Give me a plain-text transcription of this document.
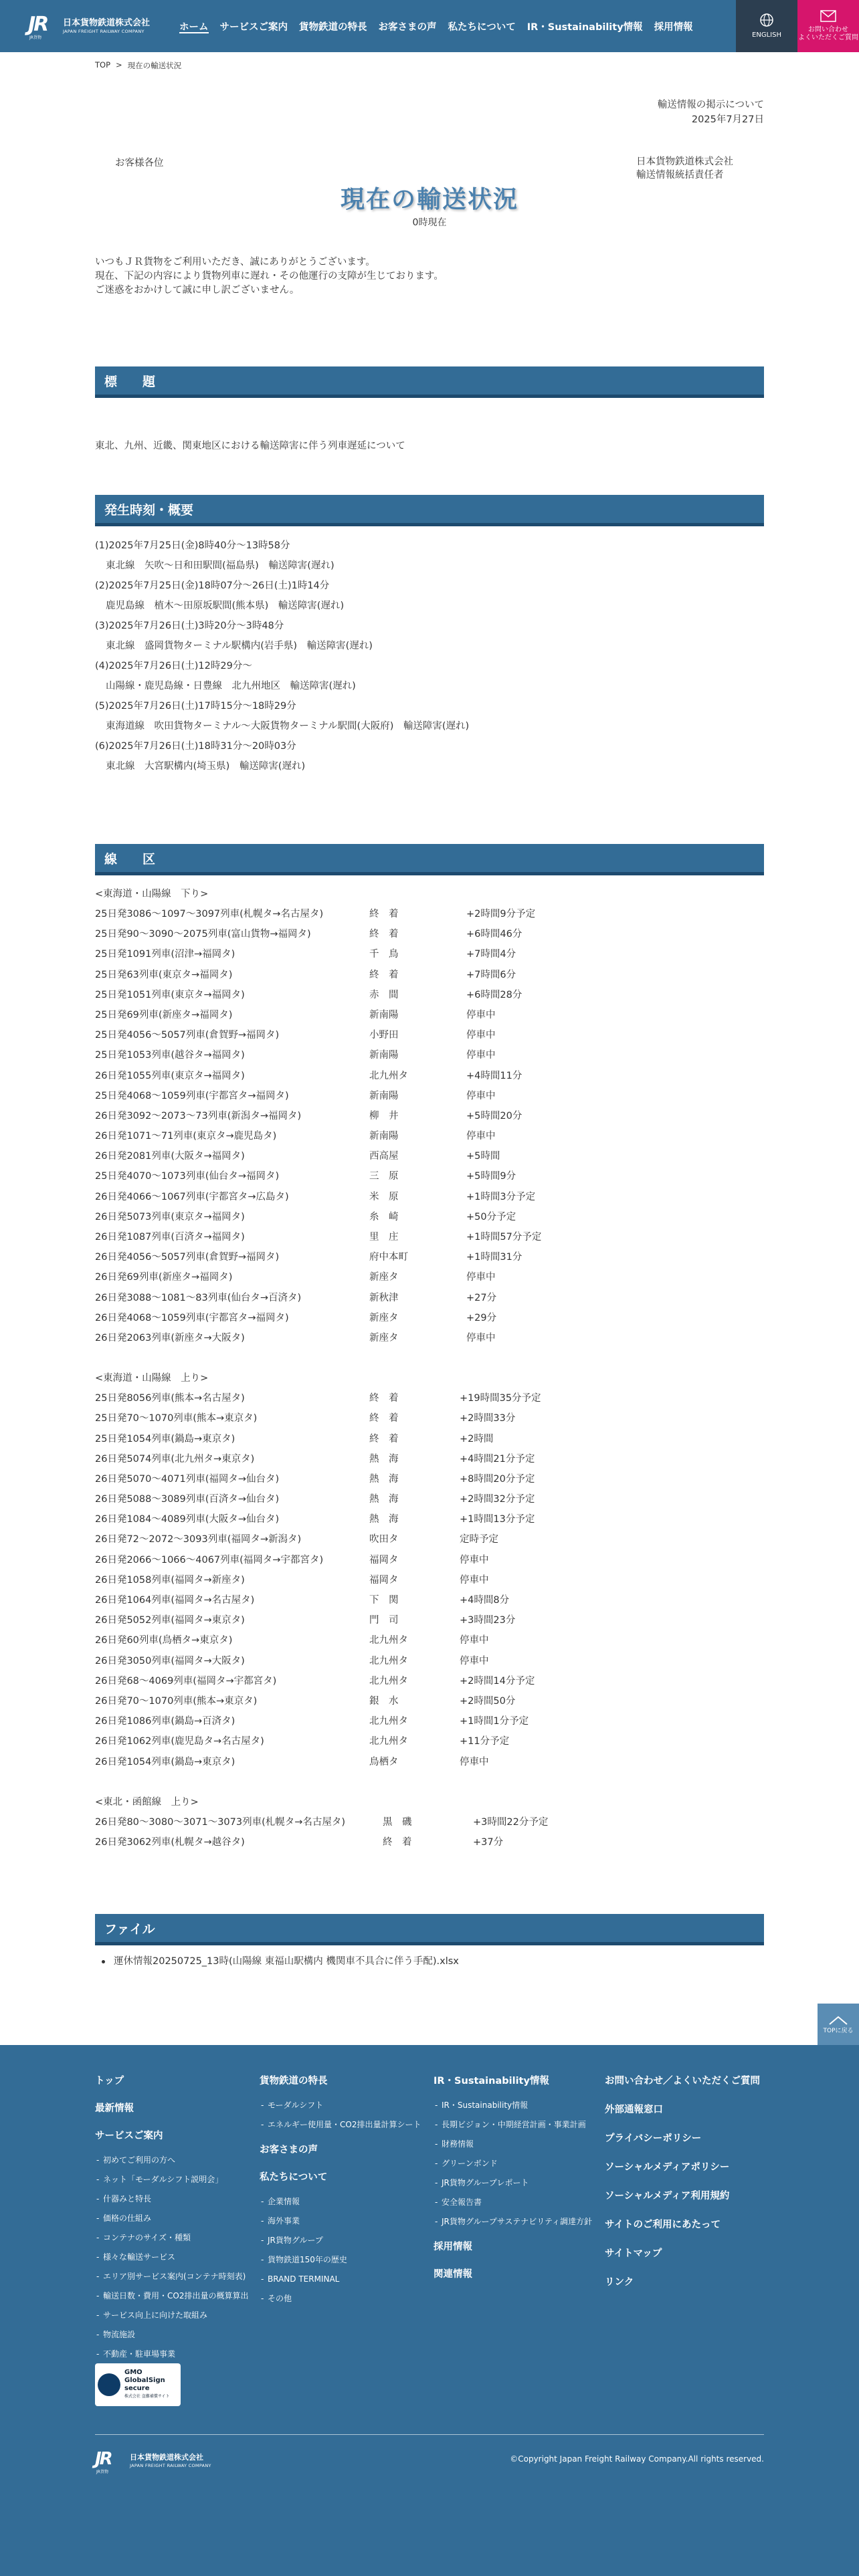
JR
JR貨物
日本貨物鉄道株式会社
JAPAN FREIGHT RAILWAY COMPANY	ホーム サービスご案内 貨物鉄道の特長 お客さまの声 私たちについて IR・Sustainability情報 採用情報
ENGLISH
お問い合わせ
よくいただくご質問
TOP > 現在の輸送状況
輸送情報の掲示について
2025年7月27日
お客様各位	日本貨物鉄道株式会社
輸送情報統括責任者
現在の輸送状況
0時現在
いつもＪＲ貨物をご利用いただき、誠にありがとうございます。
現在、下記の内容により貨物列車に遅れ・その他運行の支障が生じております。
ご迷惑をおかけして誠に申し訳ございません。
標　　題
東北、九州、近畿、関東地区における輸送障害に伴う列車遅延について
発生時刻・概要
(1)2025年7月25日(金)8時40分～13時58分
東北線　矢吹～日和田駅間(福島県)　輸送障害(遅れ)
(2)2025年7月25日(金)18時07分～26日(土)1時14分
鹿児島線　植木～田原坂駅間(熊本県)　輸送障害(遅れ)
(3)2025年7月26日(土)3時20分～3時48分
東北線　盛岡貨物ターミナル駅構内(岩手県)　輸送障害(遅れ)
(4)2025年7月26日(土)12時29分～
山陽線・鹿児島線・日豊線　北九州地区　輸送障害(遅れ)
(5)2025年7月26日(土)17時15分～18時29分
東海道線　吹田貨物ターミナル～大阪貨物ターミナル駅間(大阪府)　輸送障害(遅れ)
(6)2025年7月26日(土)18時31分～20時03分
東北線　大宮駅構内(埼玉県)　輸送障害(遅れ)
線　　区
<東海道・山陽線　下り>
25日発3086～1097～3097列車(札幌タ→名古屋タ)	終　着	+2時間9分予定
25日発90～3090～2075列車(富山貨物→福岡タ)	終　着	+6時間46分
25日発1091列車(沼津→福岡タ)	千　鳥	+7時間4分
25日発63列車(東京タ→福岡タ)	終　着	+7時間6分
25日発1051列車(東京タ→福岡タ)	赤　間	+6時間28分
25日発69列車(新座タ→福岡タ)	新南陽	停車中
25日発4056～5057列車(倉賀野→福岡タ)	小野田	停車中
25日発1053列車(越谷タ→福岡タ)	新南陽	停車中
26日発1055列車(東京タ→福岡タ)	北九州タ	+4時間11分
25日発4068～1059列車(宇都宮タ→福岡タ)	新南陽	停車中
26日発3092～2073～73列車(新潟タ→福岡タ)	柳　井	+5時間20分
26日発1071～71列車(東京タ→鹿児島タ)	新南陽	停車中
26日発2081列車(大阪タ→福岡タ)	西高屋	+5時間
25日発4070～1073列車(仙台タ→福岡タ)	三　原	+5時間9分
26日発4066～1067列車(宇都宮タ→広島タ)	米　原	+1時間3分予定
26日発5073列車(東京タ→福岡タ)	糸　崎	+50分予定
26日発1087列車(百済タ→福岡タ)	里　庄	+1時間57分予定
26日発4056～5057列車(倉賀野→福岡タ)	府中本町	+1時間31分
26日発69列車(新座タ→福岡タ)	新座タ	停車中
26日発3088～1081～83列車(仙台タ→百済タ)	新秋津	+27分
26日発4068～1059列車(宇都宮タ→福岡タ)	新座タ	+29分
26日発2063列車(新座タ→大阪タ)	新座タ	停車中
<東海道・山陽線　上り>
25日発8056列車(熊本→名古屋タ)	終　着	+19時間35分予定
25日発70～1070列車(熊本→東京タ)	終　着	+2時間33分
25日発1054列車(鍋島→東京タ)	終　着	+2時間
26日発5074列車(北九州タ→東京タ)	熱　海	+4時間21分予定
26日発5070～4071列車(福岡タ→仙台タ)	熱　海	+8時間20分予定
26日発5088～3089列車(百済タ→仙台タ)	熱　海	+2時間32分予定
26日発1084～4089列車(大阪タ→仙台タ)	熱　海	+1時間13分予定
26日発72～2072～3093列車(福岡タ→新潟タ)	吹田タ	定時予定
26日発2066～1066～4067列車(福岡タ→宇都宮タ)	福岡タ	停車中
26日発1058列車(福岡タ→新座タ)	福岡タ	停車中
26日発1064列車(福岡タ→名古屋タ)	下　関	+4時間8分
26日発5052列車(福岡タ→東京タ)	門　司	+3時間23分
26日発60列車(鳥栖タ→東京タ)	北九州タ	停車中
26日発3050列車(福岡タ→大阪タ)	北九州タ	停車中
26日発68～4069列車(福岡タ→宇都宮タ)	北九州タ	+2時間14分予定
26日発70～1070列車(熊本→東京タ)	銀　水	+2時間50分
26日発1086列車(鍋島→百済タ)	北九州タ	+1時間1分予定
26日発1062列車(鹿児島タ→名古屋タ)	北九州タ	+11分予定
26日発1054列車(鍋島→東京タ)	鳥栖タ	停車中
<東北・函館線　上り>
26日発80～3080～3071～3073列車(札幌タ→名古屋タ)	黒　磯	+3時間22分予定
26日発3062列車(札幌タ→越谷タ)	終　着	+37分
ファイル
運休情報20250725_13時(山陽線 東福山駅構内 機関車不具合に伴う手配).xlsx
TOPに戻る
トップ
最新情報
サービスご案内
- 初めてご利用の方へ
- ネット「モーダルシフト説明会」
- 什器みと特長
- 価格の仕組み
- コンテナのサイズ・種類
- 様々な輸送サービス
- エリア別サービス案内(コンテナ時刻表)
- 輸送日数・費用・CO2排出量の概算算出
- サービス向上に向けた取組み
- 物流施設
- 不動産・駐車場事業
貨物鉄道の特長
- モーダルシフト
- エネルギー使用量・CO2排出量計算シート
お客さまの声
私たちについて
- 企業情報
- 海外事業
- JR貨物グループ
- 貨物鉄道150年の歴史
- BRAND TERMINAL
- その他
IR・Sustainability情報
- IR・Sustainability情報
- 長期ビジョン・中期経営計画・事業計画
- 財務情報
- グリーンボンド
- JR貨物グループレポート
- 安全報告書
- JR貨物グループサステナビリティ調達方針
採用情報
関連情報
お問い合わせ／よくいただくご質問
外部通報窓口
プライバシーポリシー
ソーシャルメディアポリシー
ソーシャルメディア利用規約
サイトのご利用にあたって
サイトマップ
リンク
GMO
GlobalSign
secure
株式会社 盗難補償サイト
JR
JR貨物
日本貨物鉄道株式会社
JAPAN FREIGHT RAILWAY COMPANY
©Copyright Japan Freight Railway Company.All rights reserved.
